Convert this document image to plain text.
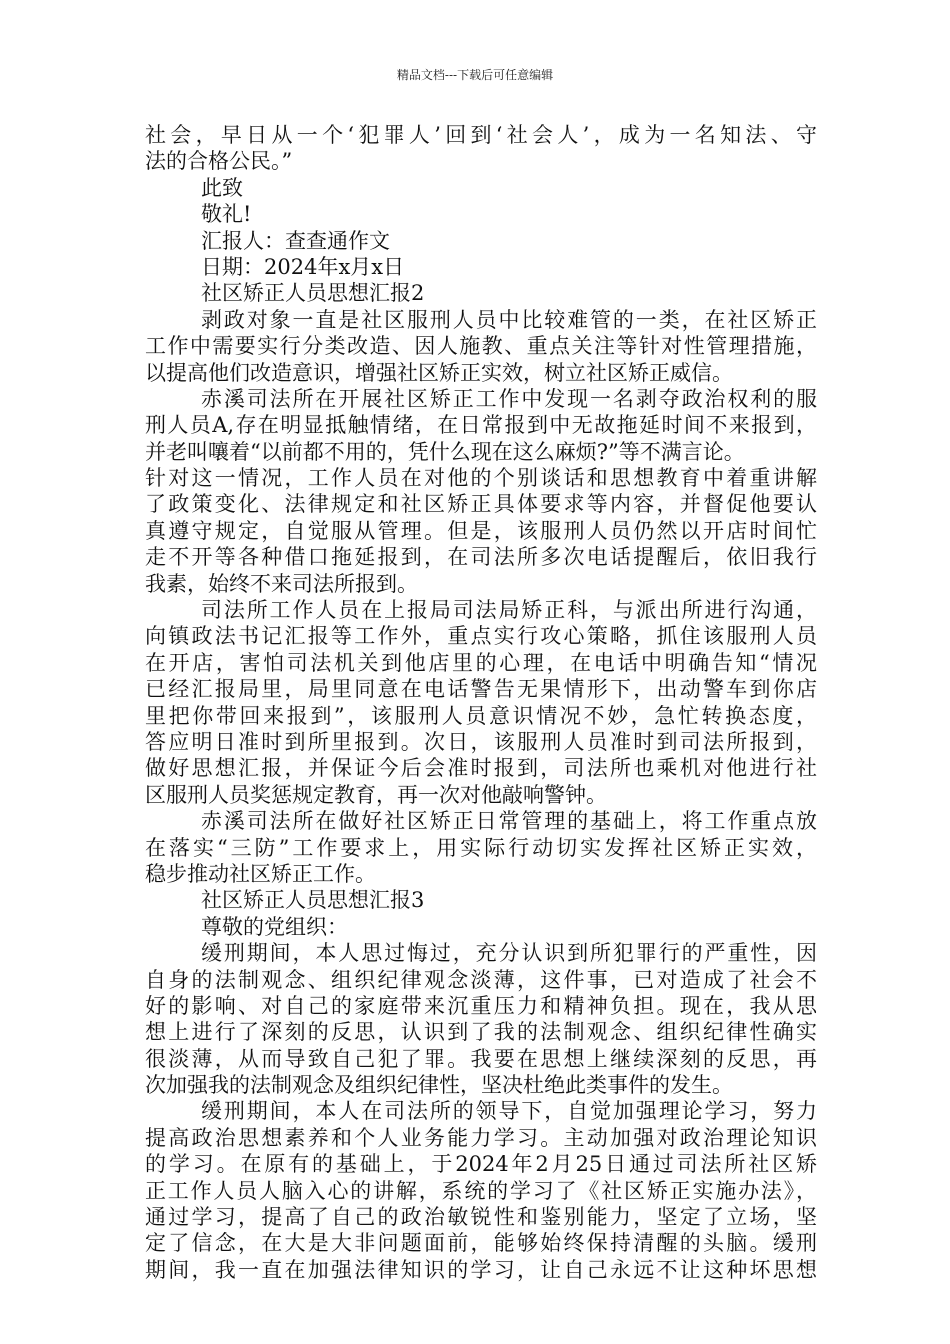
精品文档---下载后可任意编辑
社会，早日从一个‘犯罪人’回到‘社会人’，成为一名知法、守
法的合格公民。”
此致
敬礼!
汇报人：查查通作文
日期：2024年x月x日
社区矫正人员思想汇报2
剥政对象一直是社区服刑人员中比较难管的一类，在社区矫正
工作中需要实行分类改造、因人施教、重点关注等针对性管理措施，
以提高他们改造意识，增强社区矫正实效，树立社区矫正威信。
赤溪司法所在开展社区矫正工作中发现一名剥夺政治权利的服
刑人员A,存在明显抵触情绪，在日常报到中无故拖延时间不来报到，
并老叫嚷着“以前都不用的，凭什么现在这么麻烦?”等不满言论。
针对这一情况，工作人员在对他的个别谈话和思想教育中着重讲解
了政策变化、法律规定和社区矫正具体要求等内容，并督促他要认
真遵守规定，自觉服从管理。但是，该服刑人员仍然以开店时间忙
走不开等各种借口拖延报到，在司法所多次电话提醒后，依旧我行
我素，始终不来司法所报到。
司法所工作人员在上报局司法局矫正科，与派出所进行沟通，
向镇政法书记汇报等工作外，重点实行攻心策略，抓住该服刑人员
在开店，害怕司法机关到他店里的心理，在电话中明确告知“情况
已经汇报局里，局里同意在电话警告无果情形下，出动警车到你店
里把你带回来报到”，该服刑人员意识情况不妙，急忙转换态度，
答应明日准时到所里报到。次日，该服刑人员准时到司法所报到，
做好思想汇报，并保证今后会准时报到，司法所也乘机对他进行社
区服刑人员奖惩规定教育，再一次对他敲响警钟。
赤溪司法所在做好社区矫正日常管理的基础上，将工作重点放
在落实“三防”工作要求上，用实际行动切实发挥社区矫正实效，
稳步推动社区矫正工作。
社区矫正人员思想汇报3
尊敬的党组织：
缓刑期间，本人思过悔过，充分认识到所犯罪行的严重性，因
自身的法制观念、组织纪律观念淡薄，这件事，已对造成了社会不
好的影响、对自己的家庭带来沉重压力和精神负担。现在，我从思
想上进行了深刻的反思，认识到了我的法制观念、组织纪律性确实
很淡薄，从而导致自己犯了罪。我要在思想上继续深刻的反思，再
次加强我的法制观念及组织纪律性，坚决杜绝此类事件的发生。
缓刑期间，本人在司法所的领导下，自觉加强理论学习，努力
提高政治思想素养和个人业务能力学习。主动加强对政治理论知识
的学习。在原有的基础上，于2024年2月25日通过司法所社区矫
正工作人员人脑入心的讲解，系统的学习了《社区矫正实施办法》，
通过学习，提高了自己的政治敏锐性和鉴别能力，坚定了立场，坚
定了信念，在大是大非问题面前，能够始终保持清醒的头脑。缓刑
期间，我一直在加强法律知识的学习，让自己永远不让这种坏思想
